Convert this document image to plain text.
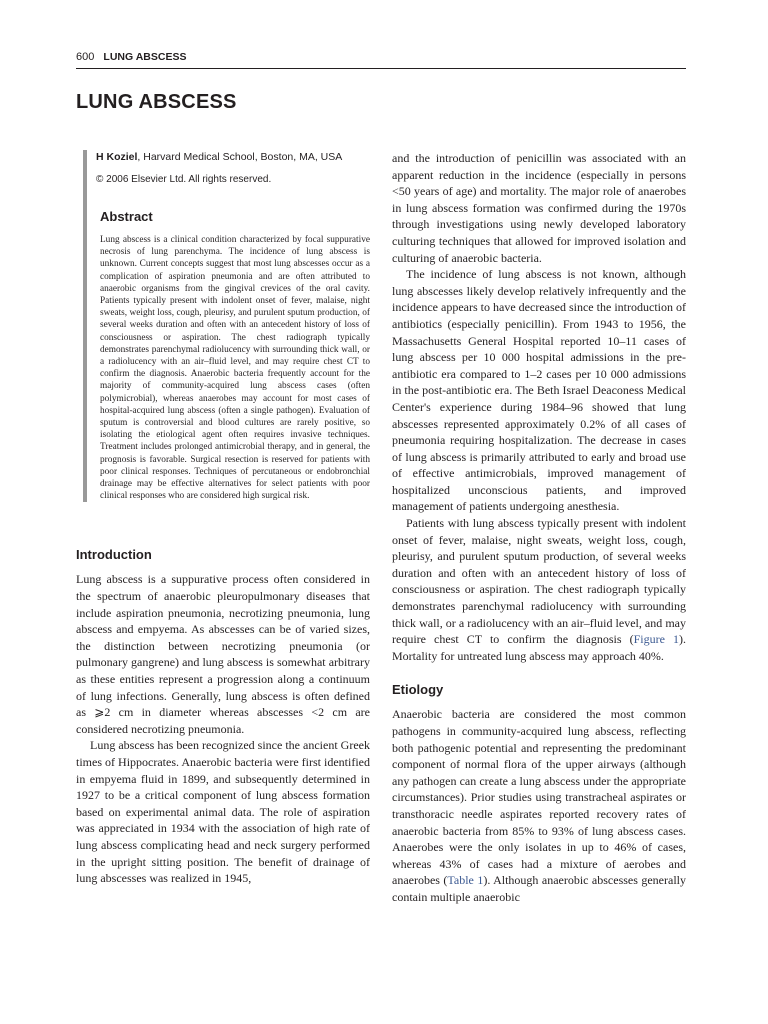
600 LUNG ABSCESS
LUNG ABSCESS

H Koziel, Harvard Medical School, Boston, MA, USA

© 2006 Elsevier Ltd. All rights reserved.

Abstract

Lung abscess is a clinical condition characterized by focal suppurative necrosis of lung parenchyma. The incidence of lung abscess is unknown. Current concepts suggest that most lung abscesses occur as a complication of aspiration pneumonia and are often attributed to anaerobic organisms from the gingival crevices of the oral cavity. Patients typically present with indolent onset of fever, malaise, night sweats, weight loss, cough, pleurisy, and purulent sputum production, of several weeks duration and often with an antecedent history of loss of consciousness or aspiration. The chest radiograph typically demonstrates parenchymal radiolucency with surrounding thick wall, or a radiolucency with an air–fluid level, and may require chest CT to confirm the diagnosis. Anaerobic bacteria frequently account for the majority of community-acquired lung abscess cases (often polymicrobial), whereas anaerobes may account for most cases of hospital-acquired lung abscess (often a single pathogen). Evaluation of sputum is controversial and blood cultures are rarely positive, so isolating the etiological agent often requires invasive techniques. Treatment includes prolonged antimicrobial therapy, and in general, the prognosis is favorable. Surgical resection is reserved for patients with poor clinical responses. Techniques of percutaneous or endobronchial drainage may be effective alternatives for select patients with poor clinical responses who are considered high surgical risk.

Introduction

Lung abscess is a suppurative process often considered in the spectrum of anaerobic pleuropulmonary diseases that include aspiration pneumonia, necrotizing pneumonia, lung abscess and empyema. As abscesses can be of varied sizes, the distinction between necrotizing pneumonia (or pulmonary gangrene) and lung abscess is somewhat arbitrary as these entities represent a progression along a continuum of lung infections. Generally, lung abscess is often defined as ⩾2 cm in diameter whereas abscesses <2 cm are considered necrotizing pneumonia.

Lung abscess has been recognized since the ancient Greek times of Hippocrates. Anaerobic bacteria were first identified in empyema fluid in 1899, and subsequently determined in 1927 to be a critical component of lung abscess formation based on experimental animal data. The role of aspiration was appreciated in 1934 with the association of high rate of lung abscess complicating head and neck surgery performed in the upright sitting position. The benefit of drainage of lung abscesses was realized in 1945,

and the introduction of penicillin was associated with an apparent reduction in the incidence (especially in persons <50 years of age) and mortality. The major role of anaerobes in lung abscess formation was confirmed during the 1970s through investigations using newly developed laboratory culturing techniques that allowed for improved isolation and culturing of anaerobic bacteria.

The incidence of lung abscess is not known, although lung abscesses likely develop relatively infrequently and the incidence appears to have decreased since the introduction of antibiotics (especially penicillin). From 1943 to 1956, the Massachusetts General Hospital reported 10–11 cases of lung abscess per 10 000 hospital admissions in the pre-antibiotic era compared to 1–2 cases per 10 000 admissions in the post-antibiotic era. The Beth Israel Deaconess Medical Center's experience during 1984–96 showed that lung abscesses represented approximately 0.2% of all cases of pneumonia requiring hospitalization. The decrease in cases of lung abscess is primarily attributed to early and broad use of effective antimicrobials, improved management of hospitalized unconscious patients, and improved management of patients undergoing anesthesia.

Patients with lung abscess typically present with indolent onset of fever, malaise, night sweats, weight loss, cough, pleurisy, and purulent sputum production, of several weeks duration and often with an antecedent history of loss of consciousness or aspiration. The chest radiograph typically demonstrates parenchymal radiolucency with surrounding thick wall, or a radiolucency with an air–fluid level, and may require chest CT to confirm the diagnosis (Figure 1). Mortality for untreated lung abscess may approach 40%.

Etiology

Anaerobic bacteria are considered the most common pathogens in community-acquired lung abscess, reflecting both pathogenic potential and representing the predominant component of normal flora of the upper airways (although any pathogen can create a lung abscess under the appropriate circumstances). Prior studies using transtracheal aspirates or transthoracic needle aspirates reported recovery rates of anaerobic bacteria from 85% to 93% of lung abscess cases. Anaerobes were the only isolates in up to 46% of cases, whereas 43% of cases had a mixture of aerobes and anaerobes (Table 1). Although anaerobic abscesses generally contain multiple anaerobic
